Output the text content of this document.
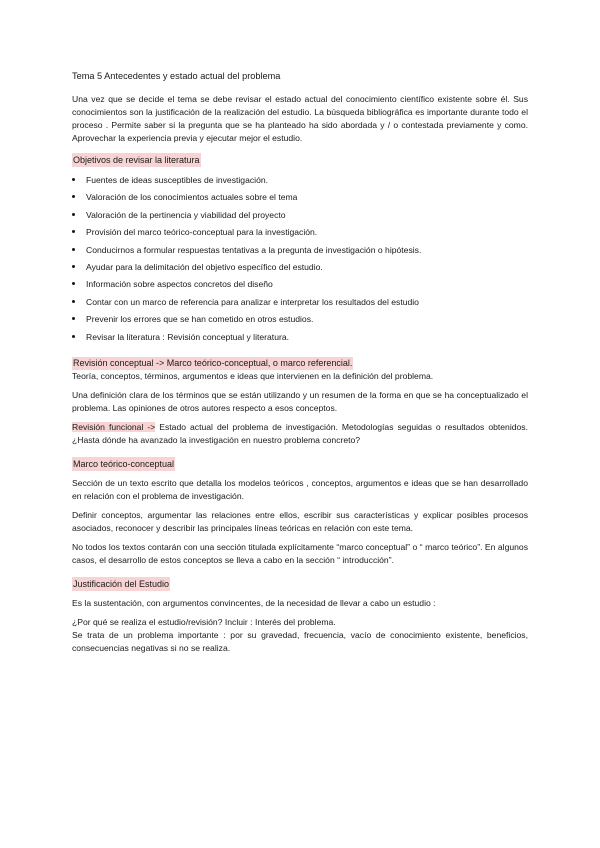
Tema 5 Antecedentes y estado actual del problema

Una vez que se decide el tema se debe revisar el estado actual del conocimiento científico existente sobre él. Sus conocimientos son la justificación de la realización del estudio. La búsqueda bibliográfica es importante durante todo el proceso . Permite saber si la pregunta que se ha planteado ha sido abordada y / o contestada previamente y como. Aprovechar la experiencia previa y ejecutar mejor el estudio.

Objetivos de revisar la literatura
Fuentes de ideas susceptibles de investigación.
Valoración de los conocimientos actuales sobre el tema
Valoración de la pertinencia y viabilidad del proyecto
Provisión del marco teórico-conceptual para la investigación.
Conducirnos a formular respuestas tentativas a la pregunta de investigación o hipótesis.
Ayudar para la delimitación del objetivo específico del estudio.
Información sobre aspectos concretos del diseño
Contar con un marco de referencia para analizar e interpretar los resultados del estudio
Prevenir los errores que se han cometido en otros estudios.
Revisar la literatura : Revisión conceptual y literatura.
Revisión conceptual -> Marco teórico-conceptual, o marco referencial.

Teoría, conceptos, términos, argumentos e ideas que intervienen en la definición del problema.

Una definición clara de los términos que se están utilizando y un resumen de la forma en que se ha conceptualizado el problema. Las opiniones de otros autores respecto a esos conceptos.

Revisión funcional -> Estado actual del problema de investigación. Metodologías seguidas o resultados obtenidos. ¿Hasta dónde ha avanzado la investigación en nuestro problema concreto?

Marco teórico-conceptual

Sección de un texto escrito que detalla los modelos teóricos , conceptos, argumentos e ideas que se han desarrollado en relación con el problema de investigación.

Definir conceptos, argumentar las relaciones entre ellos, escribir sus características y explicar posibles procesos asociados, reconocer y describir las principales líneas teóricas en relación con este tema.

No todos los textos contarán con una sección titulada explícitamente “marco conceptual” o “ marco teórico”. En algunos casos, el desarrollo de estos conceptos se lleva a cabo en la sección “ introducción”.

Justificación del Estudio

Es la sustentación, con argumentos convincentes, de la necesidad de llevar a cabo un estudio :

¿Por qué se realiza el estudio/revisión? Incluir : Interés del problema.

Se trata de un problema importante : por su gravedad, frecuencia, vacío de conocimiento existente, beneficios, consecuencias negativas si no se realiza.
